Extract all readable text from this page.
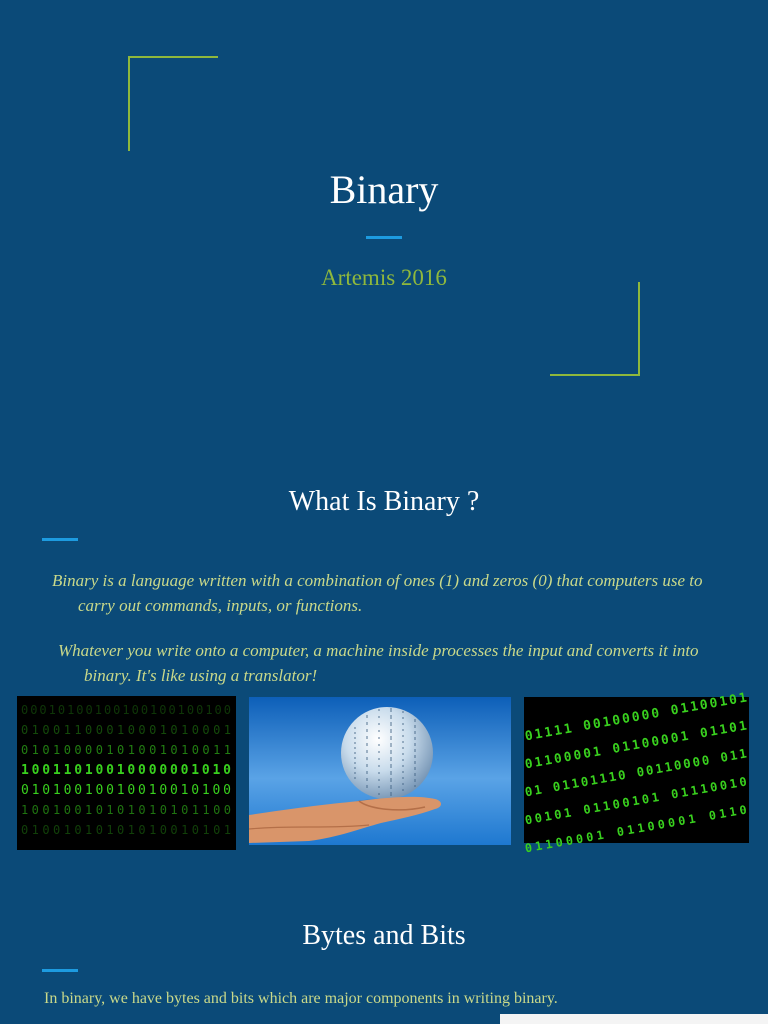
Binary
Artemis 2016
What Is Binary ?
Binary is a language written with a combination of ones (1) and zeros (0) that computers use to carry out commands, inputs, or functions.
Whatever you write onto a computer, a machine inside processes the input and converts it into binary. It's like using a translator!
00010100100100100100100
01001100010001010001
01010000101001010011
10011010010000001010
01010010010010010100
10010010101010101100
01001010101010010101
01111 00100000 01100101
01100001 01100001 01101
01 01101110 00110000 011
00101 01100101 01110010
01100001 01100001 0110
Bytes and Bits
In binary, we have bytes and bits which are major components in writing binary.
